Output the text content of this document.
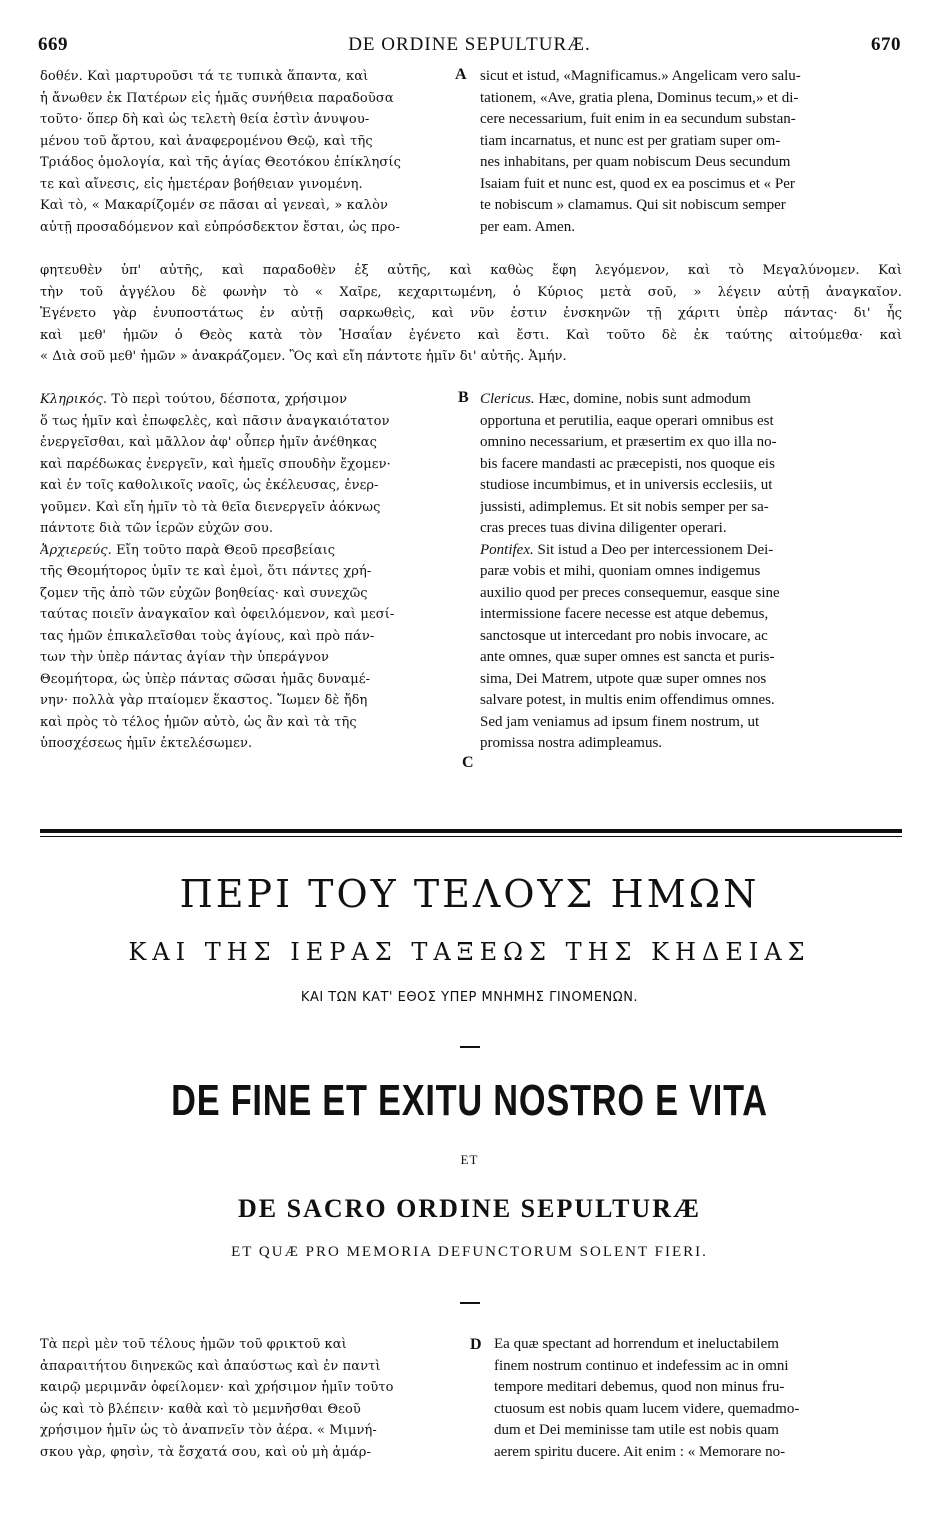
669	DE ORDINE SEPULTURÆ.	670
δοθέν. Καὶ μαρτυροῦσι τά τε τυπικὰ ἅπαντα, καὶ
ἡ ἄνωθεν ἐκ Πατέρων εἰς ἡμᾶς συνήθεια παραδοῦσα
τοῦτο· ὅπερ δὴ καὶ ὡς τελετὴ θεία ἐστὶν ἀνυψου-
μένου τοῦ ἄρτου, καὶ ἀναφερομένου Θεῷ, καὶ τῆς
Τριάδος ὁμολογία, καὶ τῆς ἁγίας Θεοτόκου ἐπίκλησίς
τε καὶ αἴνεσις, εἰς ἡμετέραν βοήθειαν γινομένη.
Καὶ τὸ, « Μακαρίζομέν σε πᾶσαι αἱ γενεαὶ, » καλὸν
αὐτῇ προσαδόμενον καὶ εὐπρόσδεκτον ἔσται, ὡς προ-
A sicut et istud, «Magnificamus.» Angelicam vero salu-
tationem, «Ave, gratia plena, Dominus tecum,» et di-
cere necessarium, fuit enim in ea secundum substan-
tiam incarnatus, et nunc est per gratiam super om-
nes inhabitans, per quam nobiscum Deus secundum
Isaiam fuit et nunc est, quod ex ea poscimus et « Per
te nobiscum » clamamus. Qui sit nobiscum semper
per eam. Amen.
φητευθὲν ὑπ' αὐτῆς, καὶ παραδοθὲν ἐξ αὐτῆς, καὶ καθὼς ἔφη λεγόμενον, καὶ τὸ Μεγαλύνομεν. Καὶ
τὴν τοῦ ἀγγέλου δὲ φωνὴν τὸ « Χαῖρε, κεχαριτωμένη, ὁ Κύριος μετὰ σοῦ, » λέγειν αὐτῇ ἀναγκαῖον.
Ἐγένετο γὰρ ἐνυποστάτως ἐν αὐτῇ σαρκωθεὶς, καὶ νῦν ἐστιν ἐνσκηνῶν τῇ χάριτι ὑπὲρ πάντας· δι' ἧς
καὶ μεθ' ἡμῶν ὁ Θεὸς κατὰ τὸν Ἡσαΐαν ἐγένετο καὶ ἔστι. Καὶ τοῦτο δὲ ἐκ ταύτης αἰτούμεθα· καὶ
« Διὰ σοῦ μεθ' ἡμῶν » ἀνακράζομεν. Ὃς καὶ εἴη πάντοτε ἡμῖν δι' αὐτῆς. Ἀμήν.
Κληρικός. Τὸ περὶ τούτου, δέσποτα, χρήσιμον
ὅ τως ἡμῖν καὶ ἐπωφελὲς, καὶ πᾶσιν ἀναγκαιότατον
ἐνεργεῖσθαι, καὶ μᾶλλον ἀφ' οὗπερ ἡμῖν ἀνέθηκας
καὶ παρέδωκας ἐνεργεῖν, καὶ ἡμεῖς σπουδὴν ἔχομεν·
καὶ ἐν τοῖς καθολικοῖς ναοῖς, ὡς ἐκέλευσας, ἐνερ-
γοῦμεν. Καὶ εἴη ἡμῖν τὸ τὰ θεῖα διενεργεῖν ἀόκνως
πάντοτε διὰ τῶν ἱερῶν εὐχῶν σου.
Ἀρχιερεύς. Εἴη τοῦτο παρὰ Θεοῦ πρεσβείαις
τῆς Θεομήτορος ὑμῖν τε καὶ ἐμοὶ, ὅτι πάντες χρή-
ζομεν τῆς ἀπὸ τῶν εὐχῶν βοηθείας· καὶ συνεχῶς
ταύτας ποιεῖν ἀναγκαῖον καὶ ὀφειλόμενον, καὶ μεσί-
τας ἡμῶν ἐπικαλεῖσθαι τοὺς ἁγίους, καὶ πρὸ πάν-
των τὴν ὑπὲρ πάντας ἁγίαν τὴν ὑπεράγνον
Θεομήτορα, ὡς ὑπὲρ πάντας σῶσαι ἡμᾶς δυναμέ-
νην· πολλὰ γὰρ πταίομεν ἕκαστος. Ἴωμεν δὲ ἤδη
καὶ πρὸς τὸ τέλος ἡμῶν αὐτὸ, ὡς ἂν καὶ τὰ τῆς
ὑποσχέσεως ἡμῖν ἐκτελέσωμεν.
B
C
Clericus. Hæc, domine, nobis sunt admodum
opportuna et perutilia, eaque operari omnibus est
omnino necessarium, et præsertim ex quo illa no-
bis facere mandasti ac præcepisti, nos quoque eis
studiose incumbimus, et in universis ecclesiis, ut
jussisti, adimplemus. Et sit nobis semper per sa-
cras preces tuas divina diligenter operari.
Pontifex. Sit istud a Deo per intercessionem Dei-
paræ vobis et mihi, quoniam omnes indigemus
auxilio quod per preces consequemur, easque sine
intermissione facere necesse est atque debemus,
sanctosque ut intercedant pro nobis invocare, ac
ante omnes, quæ super omnes est sancta et puris-
sima, Dei Matrem, utpote quæ super omnes nos
salvare potest, in multis enim offendimus omnes.
Sed jam veniamus ad ipsum finem nostrum, ut
promissa nostra adimpleamus.
ΠΕΡΙ ΤΟΥ ΤΕΛΟΥΣ ΗΜΩΝ
ΚΑΙ ΤΗΣ ΙΕΡΑΣ ΤΑΞΕΩΣ ΤΗΣ ΚΗΔΕΙΑΣ
ΚΑΙ ΤΩΝ ΚΑΤ' ΕΘΟΣ ΥΠΕΡ ΜΝΗΜΗΣ ΓΙΝΟΜΕΝΩΝ.
DE FINE ET EXITU NOSTRO E VITA
ET
DE SACRO ORDINE SEPULTURÆ
ET QUÆ PRO MEMORIA DEFUNCTORUM SOLENT FIERI.
Τὰ περὶ μὲν τοῦ τέλους ἡμῶν τοῦ φρικτοῦ καὶ
ἀπαραιτήτου διηνεκῶς καὶ ἀπαύστως καὶ ἐν παντὶ
καιρῷ μεριμνᾶν ὀφείλομεν· καὶ χρήσιμον ἡμῖν τοῦτο
ὡς καὶ τὸ βλέπειν· καθὰ καὶ τὸ μεμνῆσθαι Θεοῦ
χρήσιμον ἡμῖν ὡς τὸ ἀναπνεῖν τὸν ἀέρα. « Μιμνή-
σκου γὰρ, φησὶν, τὰ ἔσχατά σου, καὶ οὐ μὴ ἁμάρ-
D Ea quæ spectant ad horrendum et ineluctabilem
finem nostrum continuo et indefessim ac in omni
tempore meditari debemus, quod non minus fru-
ctuosum est nobis quam lucem videre, quemadmo-
dum et Dei meminisse tam utile est nobis quam
aerem spiritu ducere. Ait enim : « Memorare no-
